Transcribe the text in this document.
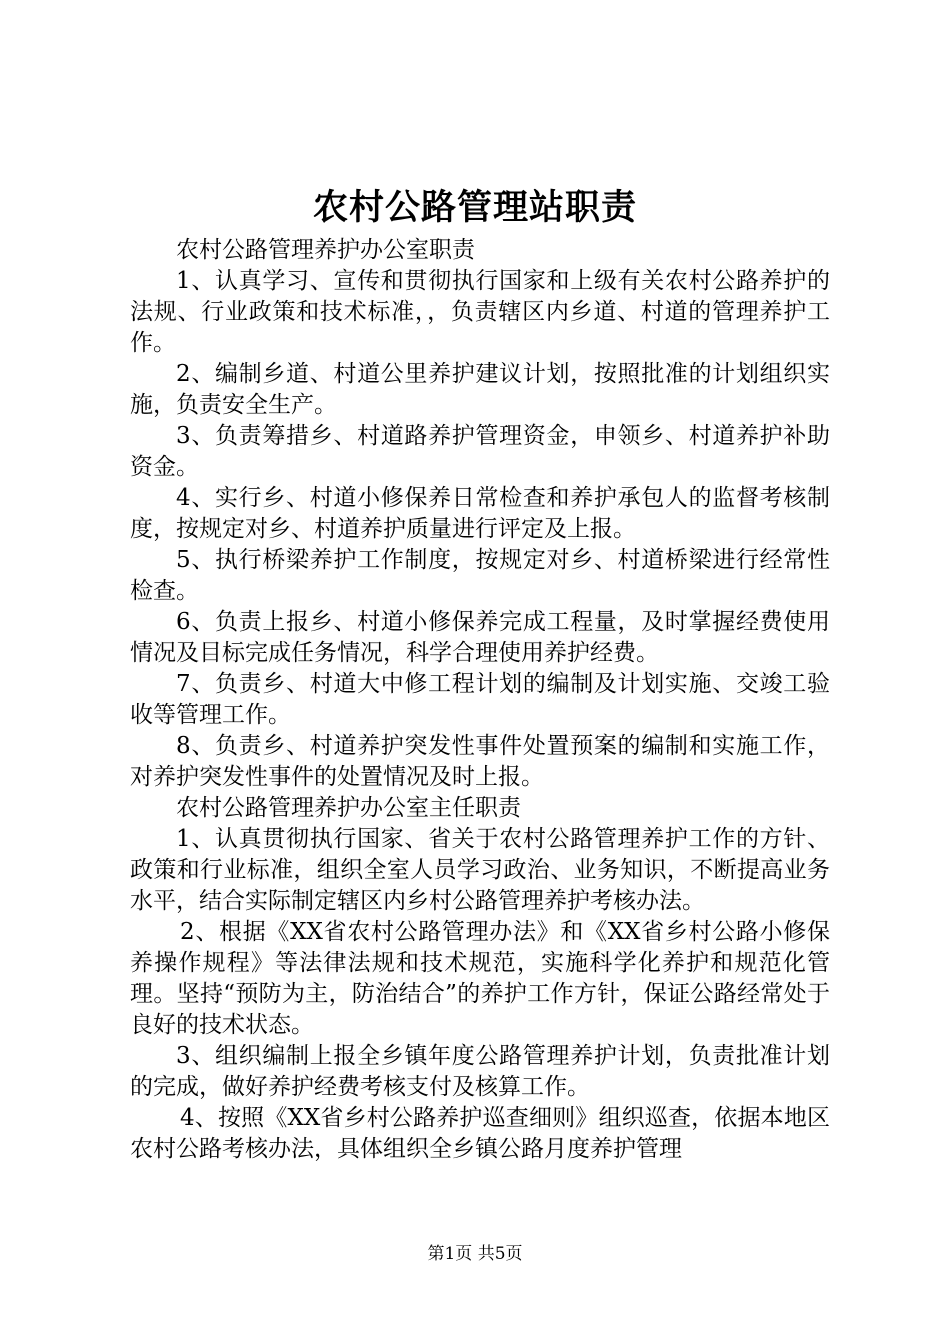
农村公路管理站职责

农村公路管理养护办公室职责

1、认真学习、宣传和贯彻执行国家和上级有关农村公路养护的法规、行业政策和技术标准，，负责辖区内乡道、村道的管理养护工作。

2、编制乡道、村道公里养护建议计划，按照批准的计划组织实施，负责安全生产。

3、负责筹措乡、村道路养护管理资金，申领乡、村道养护补助资金。

4、实行乡、村道小修保养日常检查和养护承包人的监督考核制度，按规定对乡、村道养护质量进行评定及上报。

5、执行桥梁养护工作制度，按规定对乡、村道桥梁进行经常性检查。

6、负责上报乡、村道小修保养完成工程量，及时掌握经费使用情况及目标完成任务情况，科学合理使用养护经费。

7、负责乡、村道大中修工程计划的编制及计划实施、交竣工验收等管理工作。

8、负责乡、村道养护突发性事件处置预案的编制和实施工作，对养护突发性事件的处置情况及时上报。

农村公路管理养护办公室主任职责

1、认真贯彻执行国家、省关于农村公路管理养护工作的方针、政策和行业标准，组织全室人员学习政治、业务知识，不断提高业务水平，结合实际制定辖区内乡村公路管理养护考核办法。

2、根据《XX省农村公路管理办法》和《XX省乡村公路小修保养操作规程》等法律法规和技术规范，实施科学化养护和规范化管理。坚持“预防为主，防治结合”的养护工作方针，保证公路经常处于良好的技术状态。

3、组织编制上报全乡镇年度公路管理养护计划，负责批准计划的完成，做好养护经费考核支付及核算工作。

4、按照《XX省乡村公路养护巡查细则》组织巡查，依据本地区农村公路考核办法，具体组织全乡镇公路月度养护管理

第1页 共5页
